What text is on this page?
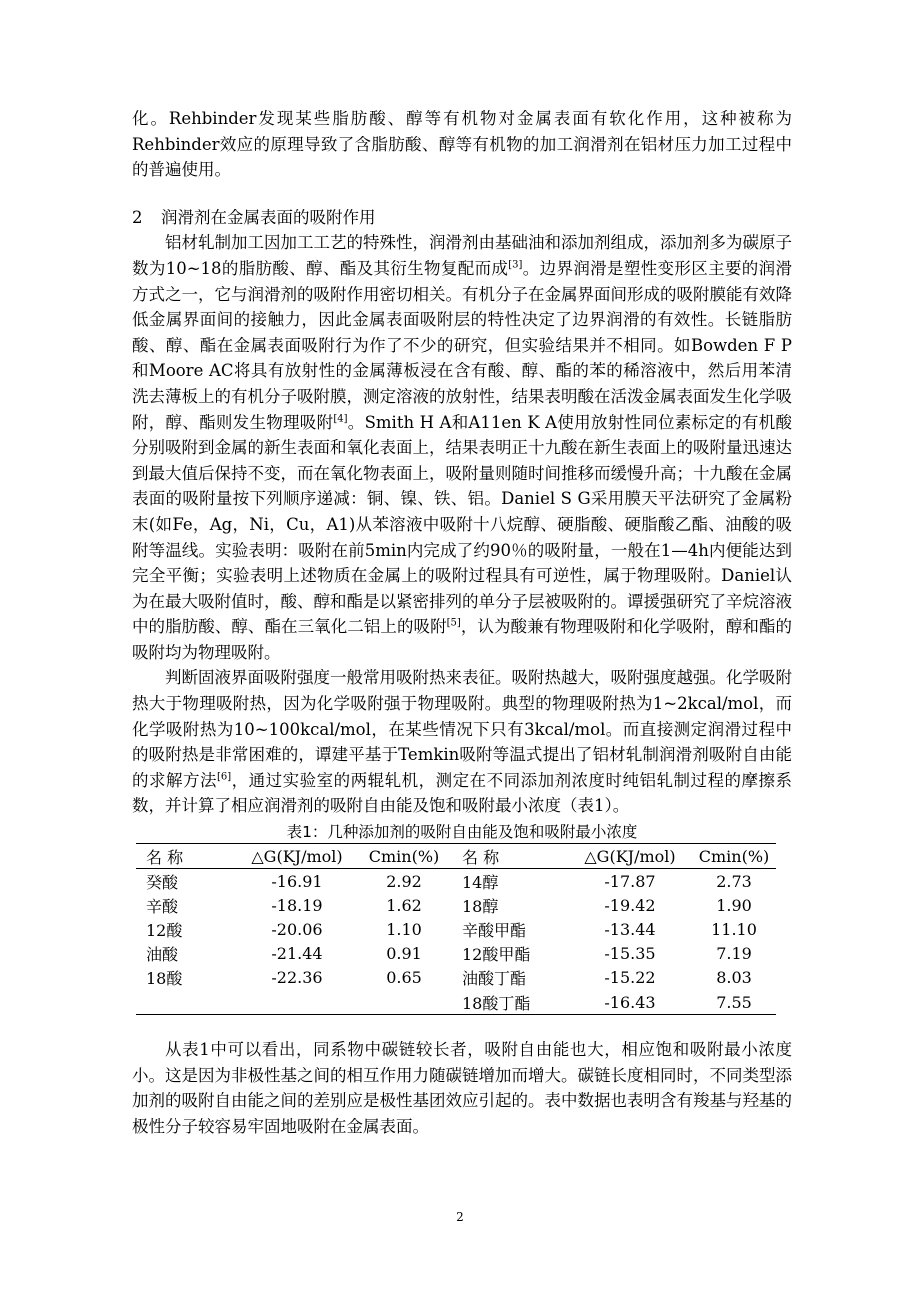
化。Rehbinder发现某些脂肪酸、醇等有机物对金属表面有软化作用，这种被称为Rehbinder效应的原理导致了含脂肪酸、醇等有机物的加工润滑剂在铝材压力加工过程中的普遍使用。

2 润滑剂在金属表面的吸附作用

铝材轧制加工因加工工艺的特殊性，润滑剂由基础油和添加剂组成，添加剂多为碳原子数为10~18的脂肪酸、醇、酯及其衍生物复配而成[3]。边界润滑是塑性变形区主要的润滑方式之一，它与润滑剂的吸附作用密切相关。有机分子在金属界面间形成的吸附膜能有效降低金属界面间的接触力，因此金属表面吸附层的特性决定了边界润滑的有效性。长链脂肪酸、醇、酯在金属表面吸附行为作了不少的研究，但实验结果并不相同。如Bowden F P和Moore AC将具有放射性的金属薄板浸在含有酸、醇、酯的苯的稀溶液中，然后用苯清洗去薄板上的有机分子吸附膜，测定溶液的放射性，结果表明酸在活泼金属表面发生化学吸附，醇、酯则发生物理吸附[4]。Smith H A和A11en K A使用放射性同位素标定的有机酸分别吸附到金属的新生表面和氧化表面上，结果表明正十九酸在新生表面上的吸附量迅速达到最大值后保持不变，而在氧化物表面上，吸附量则随时间推移而缓慢升高；十九酸在金属表面的吸附量按下列顺序递减：铜、镍、铁、铝。Daniel S G采用膜天平法研究了金属粉末(如Fe，Ag，Ni，Cu，A1)从苯溶液中吸附十八烷醇、硬脂酸、硬脂酸乙酯、油酸的吸附等温线。实验表明：吸附在前5min内完成了约90％的吸附量，一般在1—4h内便能达到完全平衡；实验表明上述物质在金属上的吸附过程具有可逆性，属于物理吸附。Daniel认为在最大吸附值时，酸、醇和酯是以紧密排列的单分子层被吸附的。谭援强研究了辛烷溶液中的脂肪酸、醇、酯在三氧化二铝上的吸附[5]，认为酸兼有物理吸附和化学吸附，醇和酯的吸附均为物理吸附。

判断固液界面吸附强度一般常用吸附热来表征。吸附热越大，吸附强度越强。化学吸附热大于物理吸附热，因为化学吸附强于物理吸附。典型的物理吸附热为1~2kcal/mol，而化学吸附热为10~100kcal/mol，在某些情况下只有3kcal/mol。而直接测定润滑过程中的吸附热是非常困难的，谭建平基于Temkin吸附等温式提出了铝材轧制润滑剂吸附自由能的求解方法[6]，通过实验室的两辊轧机，测定在不同添加剂浓度时纯铝轧制过程的摩擦系数，并计算了相应润滑剂的吸附自由能及饱和吸附最小浓度（表1）。

表1：几种添加剂的吸附自由能及饱和吸附最小浓度
名 称	△G(KJ/mol)	Cmin(%)	名 称	△G(KJ/mol)	Cmin(%)
癸酸	-16.91	2.92	14醇	-17.87	2.73
辛酸	-18.19	1.62	18醇	-19.42	1.90
12酸	-20.06	1.10	辛酸甲酯	-13.44	11.10
油酸	-21.44	0.91	12酸甲酯	-15.35	7.19
18酸	-22.36	0.65	油酸丁酯	-15.22	8.03
			18酸丁酯	-16.43	7.55

从表1中可以看出，同系物中碳链较长者，吸附自由能也大，相应饱和吸附最小浓度小。这是因为非极性基之间的相互作用力随碳链增加而增大。碳链长度相同时，不同类型添加剂的吸附自由能之间的差别应是极性基团效应引起的。表中数据也表明含有羧基与羟基的极性分子较容易牢固地吸附在金属表面。

2
